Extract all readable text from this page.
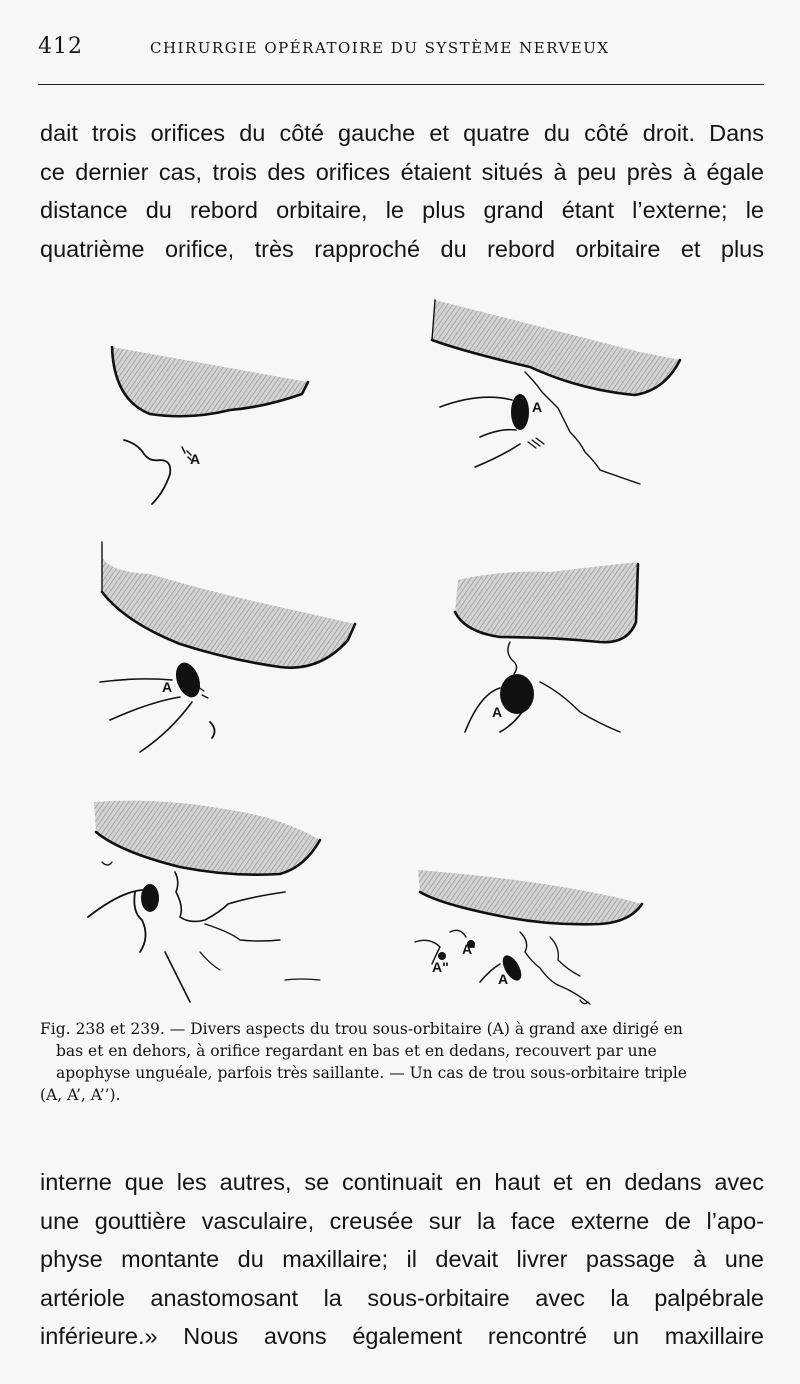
412	CHIRURGIE OPÉRATOIRE DU SYSTÈME NERVEUX
dait trois orifices du côté gauche et quatre du côté droit. Dans
ce dernier cas, trois des orifices étaient situés à peu près à égale
distance du rebord orbitaire, le plus grand étant l’externe; le
quatrième orifice, très rapproché du rebord orbitaire et plus
A
A
A
A
A
A'
A"
Fig. 238 et 239. — Divers aspects du trou sous-orbitaire (A) à grand axe dirigé en
bas et en dehors, à orifice regardant en bas et en dedans, recouvert par une
apophyse unguéale, parfois très saillante. — Un cas de trou sous-orbitaire triple
(A, A’, A’’).
interne que les autres, se continuait en haut et en dedans avec
une gouttière vasculaire, creusée sur la face externe de l’apo-
physe montante du maxillaire; il devait livrer passage à une
artériole anastomosant la sous-orbitaire avec la palpébrale
inférieure.» Nous avons également rencontré un maxillaire
